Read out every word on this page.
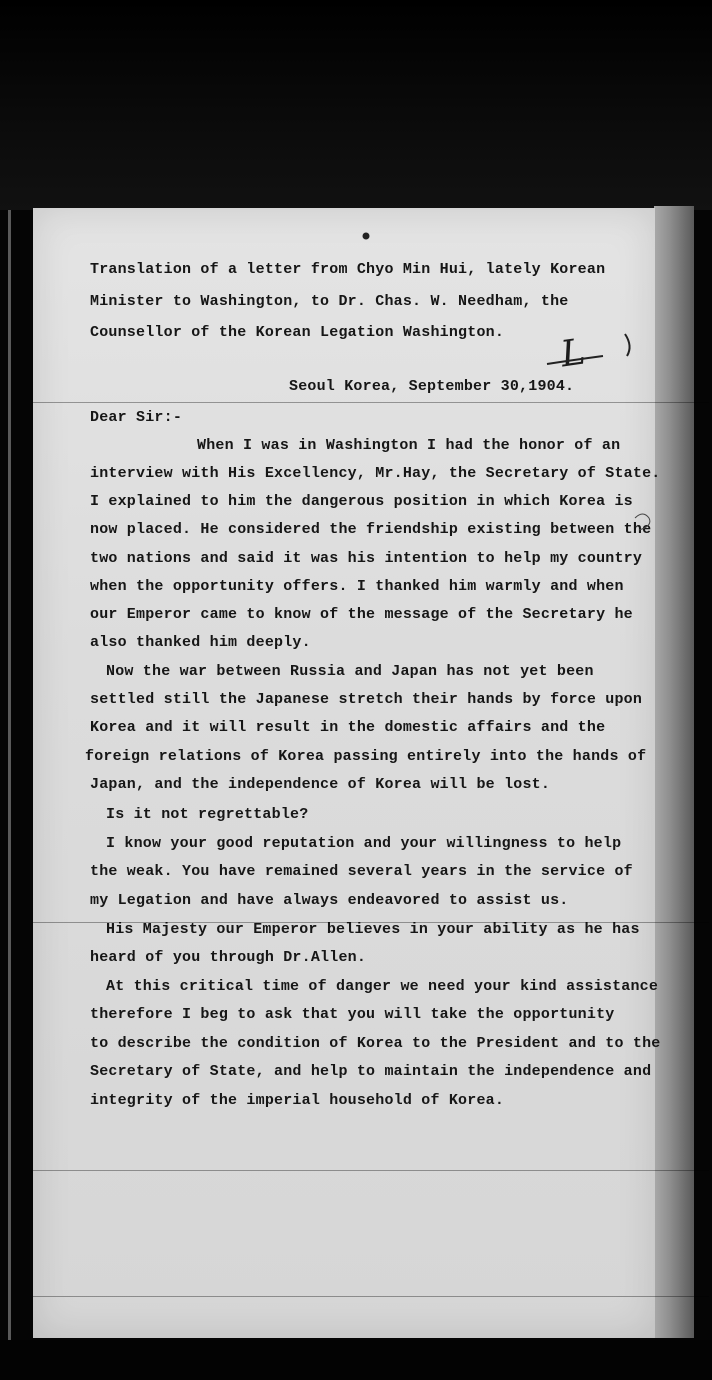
Translation of a letter from Chyo Min Hui, lately Korean
Minister to Washington, to Dr. Chas. W. Needham, the
Counsellor of the Korean Legation Washington.
Seoul Korea, September 30,1904.
Dear Sir:-
When I was in Washington I had the honor of an
interview with His Excellency, Mr.Hay, the Secretary of State.
I explained to him the dangerous position in which Korea is
now placed. He considered the friendship existing between the
two nations and said it was his intention to help my country
when the opportunity offers. I thanked him warmly and when
our Emperor came to know of the message of the Secretary he
also thanked him deeply.
Now the war between Russia and Japan has not yet been
settled still the Japanese stretch their hands by force upon
Korea and it will result in the domestic affairs and the
foreign relations of Korea passing entirely into the hands of
Japan, and the independence of Korea will be lost.
Is it not regrettable?
I know your good reputation and your willingness to help
the weak. You have remained several years in the service of
my Legation and have always endeavored to assist us.
His Majesty our Emperor believes in your ability as he has
heard of you through Dr.Allen.
At this critical time of danger we need your kind assistance
therefore I beg to ask that you will take the opportunity
to describe the condition of Korea to the President and to the
Secretary of State, and help to maintain the independence and
integrity of the imperial household of Korea.
L
